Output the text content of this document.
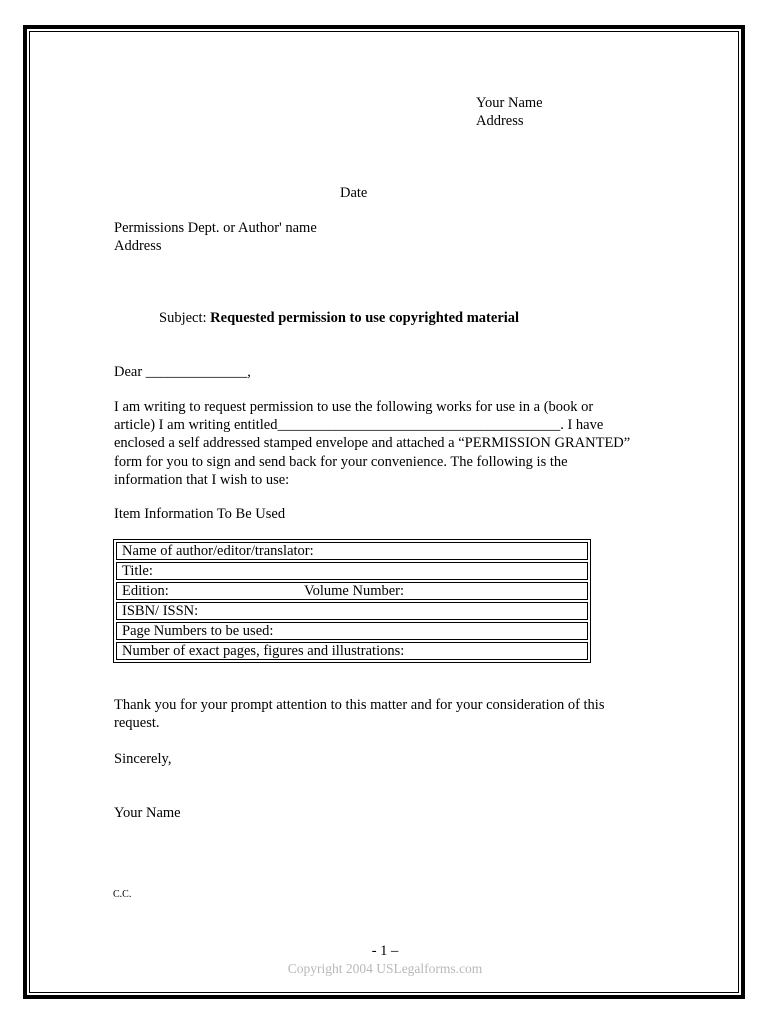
Your Name
Address
Date
Permissions Dept. or Author' name
Address
Subject: Requested permission to use copyrighted material
Dear ______________,
I am writing to request permission to use the following works for use in a (book or
article) I am writing entitled_______________________________________. I have
enclosed a self addressed stamped envelope and attached a “PERMISSION GRANTED”
form for you to sign and send back for your convenience. The following is the
information that I wish to use:
Item Information To Be Used
Name of author/editor/translator:
Title:
Edition:	Volume Number:
ISBN/ ISSN:
Page Numbers to be used:
Number of exact pages, figures and illustrations:
Thank you for your prompt attention to this matter and for your consideration of this
request.
Sincerely,
Your Name
C.C.
- 1 –
Copyright 2004 USLegalforms.com
